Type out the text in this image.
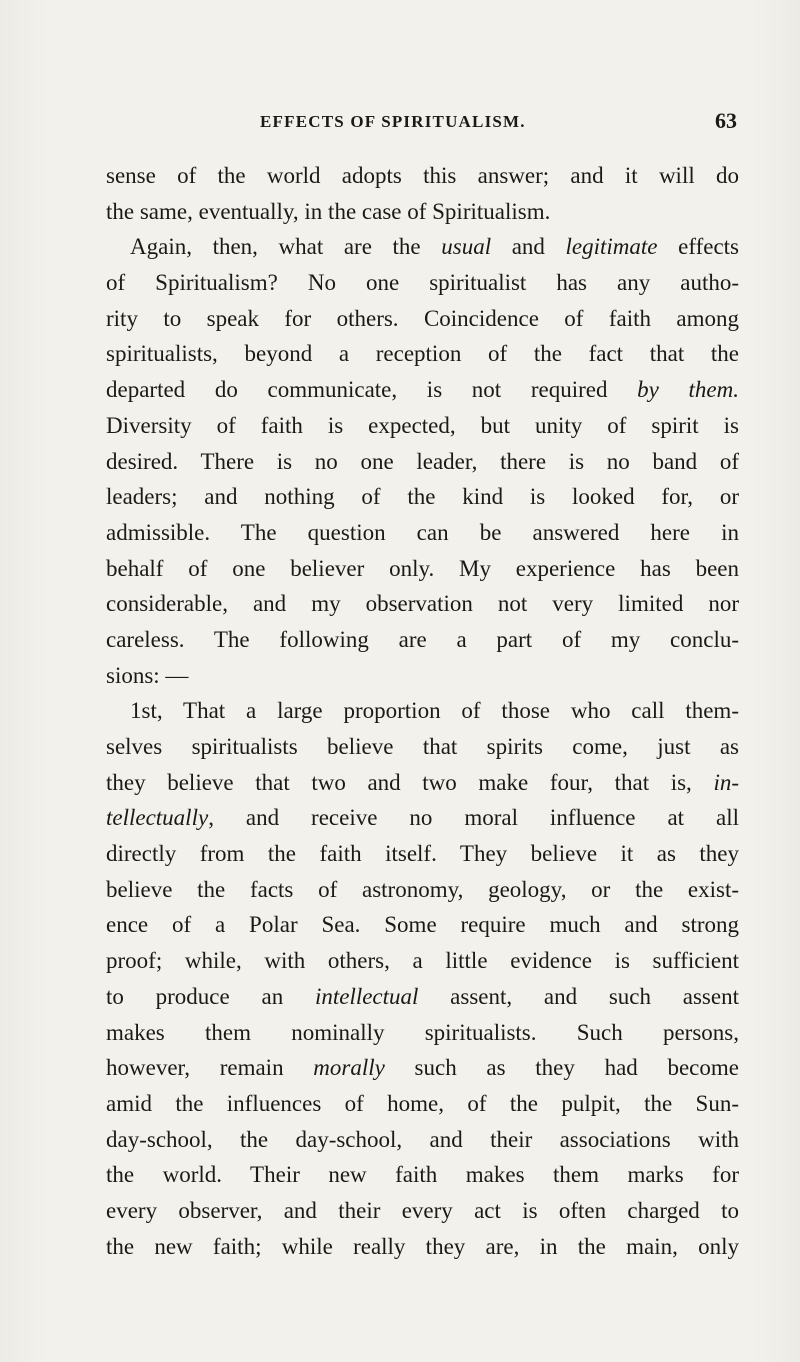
EFFECTS OF SPIRITUALISM.	63
sense of the world adopts this answer; and it will do
the same, eventually, in the case of Spiritualism.
Again, then, what are the usual and legitimate effects
of Spiritualism? No one spiritualist has any autho-
rity to speak for others. Coincidence of faith among
spiritualists, beyond a reception of the fact that the
departed do communicate, is not required by them.
Diversity of faith is expected, but unity of spirit is
desired. There is no one leader, there is no band of
leaders; and nothing of the kind is looked for, or
admissible. The question can be answered here in
behalf of one believer only. My experience has been
considerable, and my observation not very limited nor
careless. The following are a part of my conclu-
sions: —
1st, That a large proportion of those who call them-
selves spiritualists believe that spirits come, just as
they believe that two and two make four, that is, in-
tellectually, and receive no moral influence at all
directly from the faith itself. They believe it as they
believe the facts of astronomy, geology, or the exist-
ence of a Polar Sea. Some require much and strong
proof; while, with others, a little evidence is sufficient
to produce an intellectual assent, and such assent
makes them nominally spiritualists. Such persons,
however, remain morally such as they had become
amid the influences of home, of the pulpit, the Sun-
day-school, the day-school, and their associations with
the world. Their new faith makes them marks for
every observer, and their every act is often charged to
the new faith; while really they are, in the main, only
